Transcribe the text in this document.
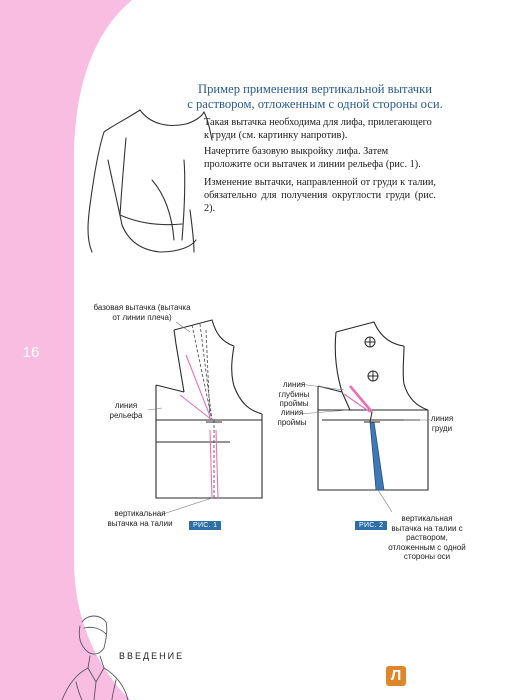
16
Пример применения вертикальной вытачки
с раствором, отложенным с одной стороны оси.
Такая вытачка необходима для лифа, прилегающего к груди (см. картинку напротив).
Начертите базовую выкройку лифа. Затем проложите оси вытачек и линии рельефа (рис. 1).
Изменение вытачки, направленной от груди к талии, обязательно для получения округлости груди (рис. 2).
базовая вытачка (вытачка от линии плеча)
линия рельефа
вертикальная вытачка на талии	РИС. 1
линия глубины проймы
линия проймы	линия груди
вертикальная вытачка на талии с раствором, отложенным с одной стороны оси
РИС. 2
ВВЕДЕНИЕ
Л
